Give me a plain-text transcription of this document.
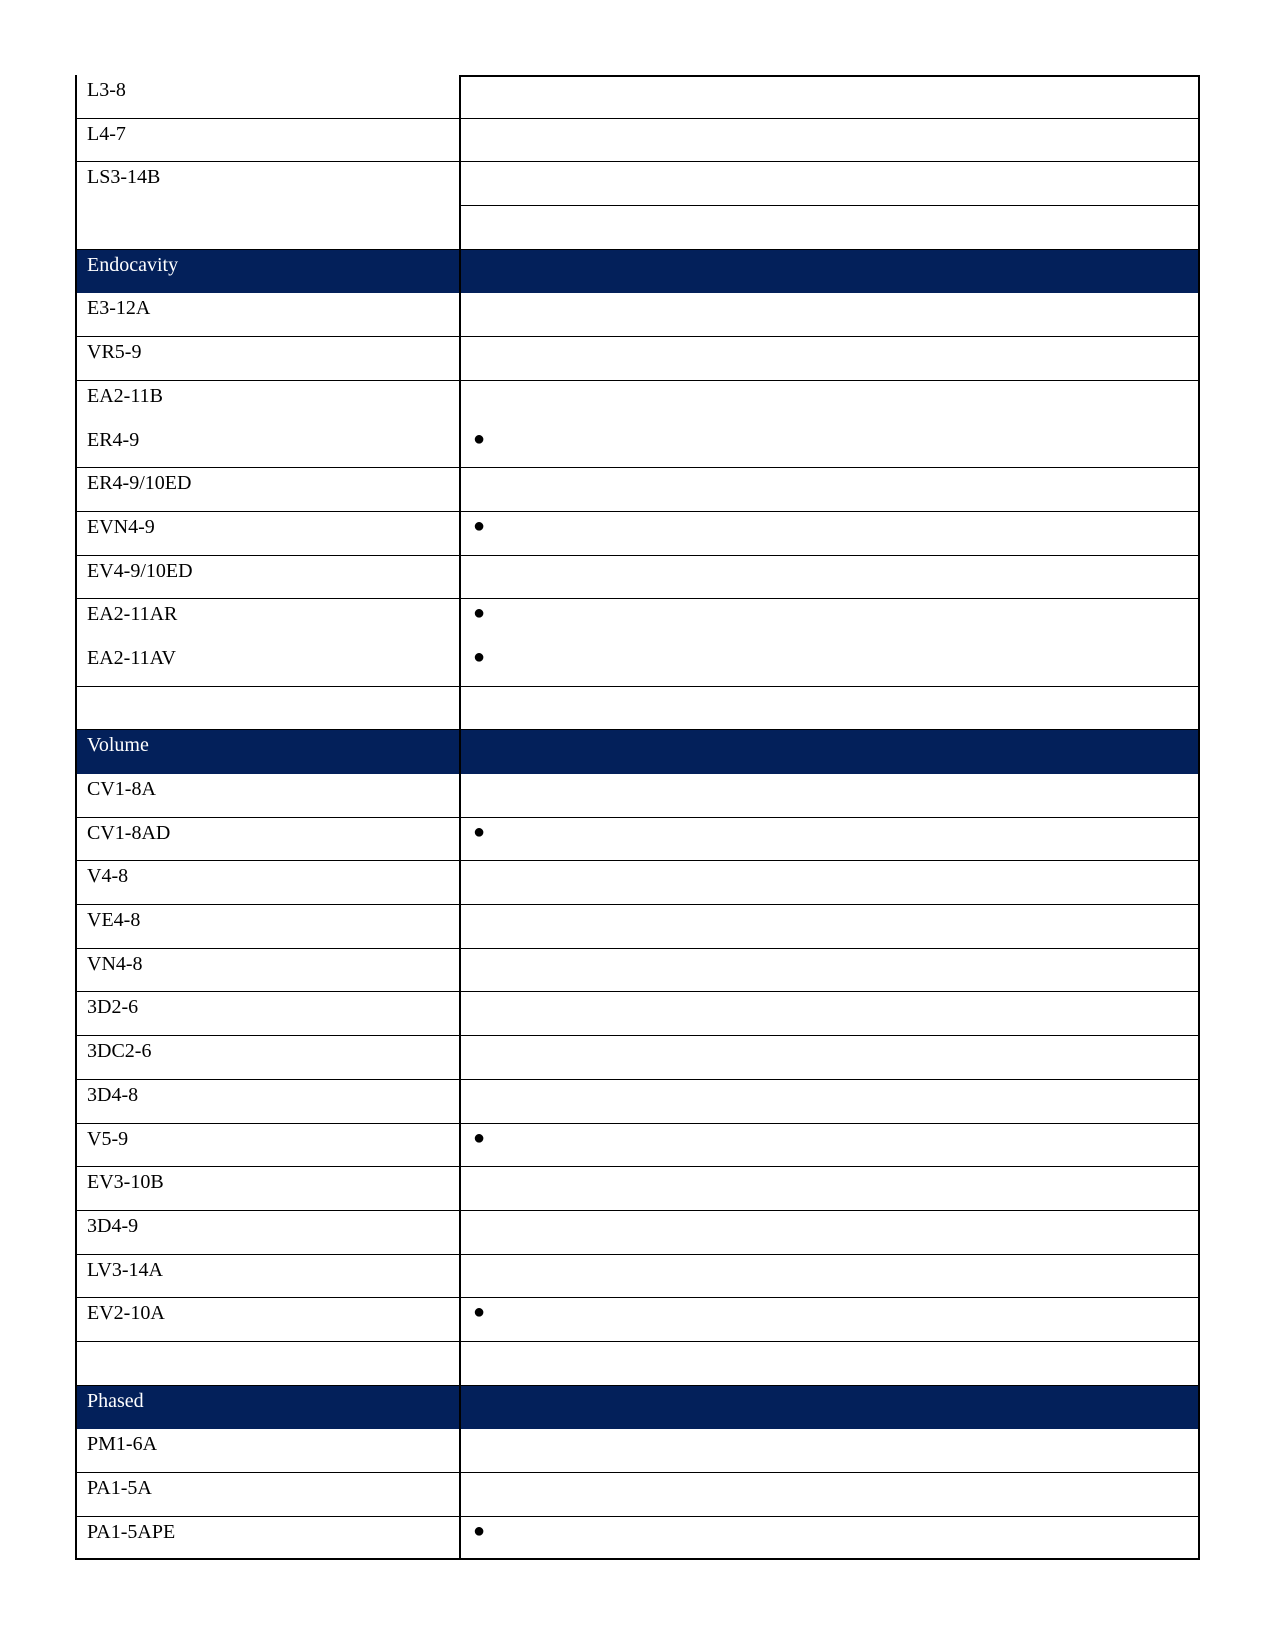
L3-8
L4-7
LS3-14B
Endocavity
E3-12A
VR5-9
EA2-11B
ER4-9	●
ER4-9/10ED
EVN4-9	●
EV4-9/10ED
EA2-11AR	●
EA2-11AV	●
Volume
CV1-8A
CV1-8AD	●
V4-8
VE4-8
VN4-8
3D2-6
3DC2-6
3D4-8
V5-9	●
EV3-10B
3D4-9
LV3-14A
EV2-10A	●
Phased
PM1-6A
PA1-5A
PA1-5APE	●
